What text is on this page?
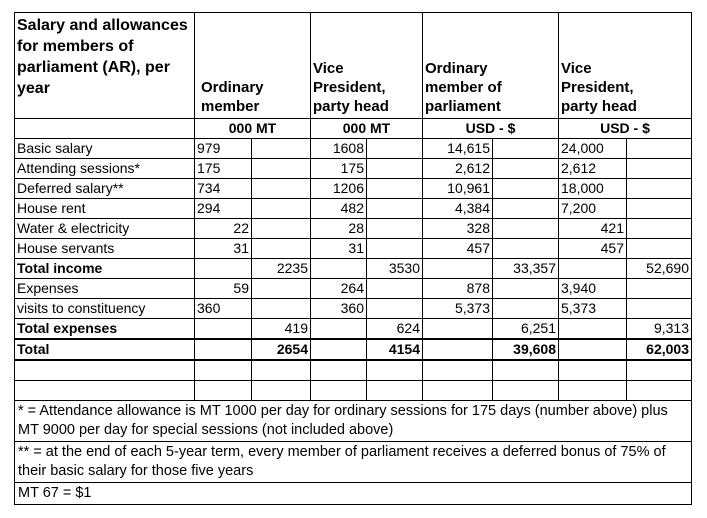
Salary and allowances for members of parliament (AR), per year	Ordinary member		Vice President, party head		Ordinary member of parliament		Vice President, party head	
	000 MT		000 MT		USD - $		USD - $	
Basic salary	979		1608		14,615		24,000	
Attending sessions*	175		175		2,612		2,612	
Deferred salary**	734		1206		10,961		18,000	
House rent	294		482		4,384		7,200	
Water & electricity	22		28		328		421	
House servants	31		31		457		457	
Total income		2235		3530		33,357		52,690
Expenses	59		264		878		3,940	
visits to constituency	360		360		5,373		5,373	
Total expenses		419		624		6,251		9,313
Total		2654		4154		39,608		62,003

* = Attendance allowance is MT 1000 per day for ordinary sessions for 175 days (number above) plus MT 9000 per day for special sessions (not included above)								
** = at the end of each 5-year term, every member of parliament receives a deferred bonus of 75% of their basic salary for those five years								
MT 67 = $1								
